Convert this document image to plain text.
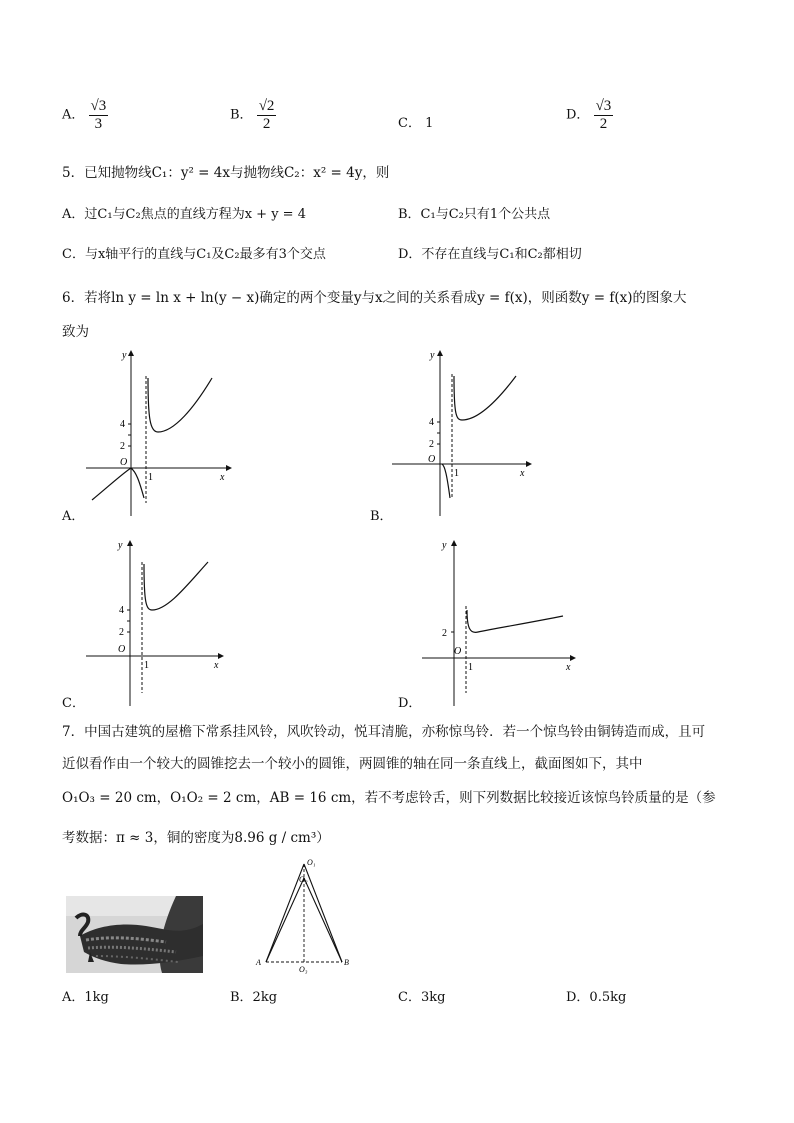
A． $\frac{√3}{3}$	B． $\frac{√2}{2}$	C． 1
D． $\frac{√3}{2}$
5．已知抛物线C₁：y² = 4x与抛物线C₂：x² = 4y，则
A．过C₁与C₂焦点的直线方程为x + y = 4	B．C₁与C₂只有1个公共点
C．与x轴平行的直线与C₁及C₂最多有3个交点	D．不存在直线与C₁和C₂都相切
6．若将ln y = ln x + ln(y − x)确定的两个变量y与x之间的关系看成y = f(x)，则函数y = f(x)的图象大
致为
y
x
O
1
2
4
A．
y
x
O
1
2
4
B．
y
x
O
1
2
4
C．
y
x
O
1
2
D．
7．中国古建筑的屋檐下常系挂风铃，风吹铃动，悦耳清脆，亦称惊鸟铃．若一个惊鸟铃由铜铸造而成，且可
近似看作由一个较大的圆锥挖去一个较小的圆锥，两圆锥的轴在同一条直线上，截面图如下，其中
O₁O₃ = 20 cm，O₁O₂ = 2 cm，AB = 16 cm，若不考虑铃舌，则下列数据比较接近该惊鸟铃质量的是（参
考数据：π ≈ 3，铜的密度为8.96 g / cm³）
O₁
O₂
O₃
A	B
A．1kg	B．2kg	C．3kg	D．0.5kg
